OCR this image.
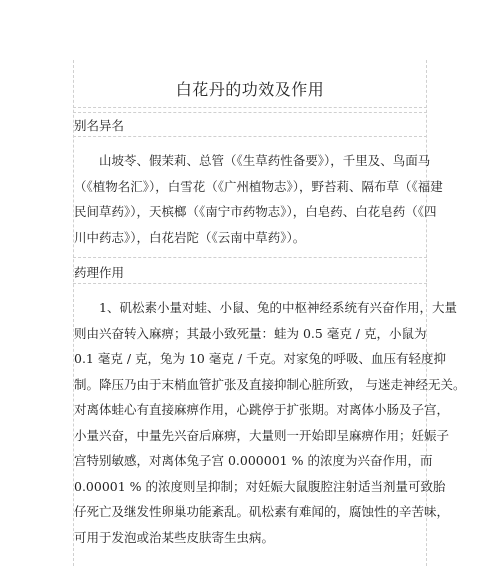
白花丹的功效及作用
别名异名
山坡苓、假茉莉、总管（《生草药性备要》），千里及、鸟面马
（《植物名汇》），白雪花（《广州植物志》），野苔莉、隔布草（《福建
民间草药》），天槟榔（《南宁市药物志》），白皂药、白花皂药（《四
川中药志》），白花岩陀（《云南中草药》）。
药理作用
1、矶松素小量对蛙、小鼠、兔的中枢神经系统有兴奋作用，大量
则由兴奋转入麻痹；其最小致死量：蛙为 0.5 毫克 / 克，小鼠为
0.1 毫克 / 克，兔为 10 毫克 / 千克。对家兔的呼吸、血压有轻度抑
制。降压乃由于末梢血管扩张及直接抑制心脏所致， 与迷走神经无关。
对离体蛙心有直接麻痹作用，心跳停于扩张期。对离体小肠及子宫，
小量兴奋，中量先兴奋后麻痹，大量则一开始即呈麻痹作用；妊娠子
宫特别敏感，对离体兔子宫 0.000001 % 的浓度为兴奋作用，而
0.00001 % 的浓度则呈抑制；对妊娠大鼠腹腔注射适当剂量可致胎
仔死亡及继发性卵巢功能紊乱。矶松素有难闻的，腐蚀性的辛苦味，
可用于发泡或治某些皮肤寄生虫病。
